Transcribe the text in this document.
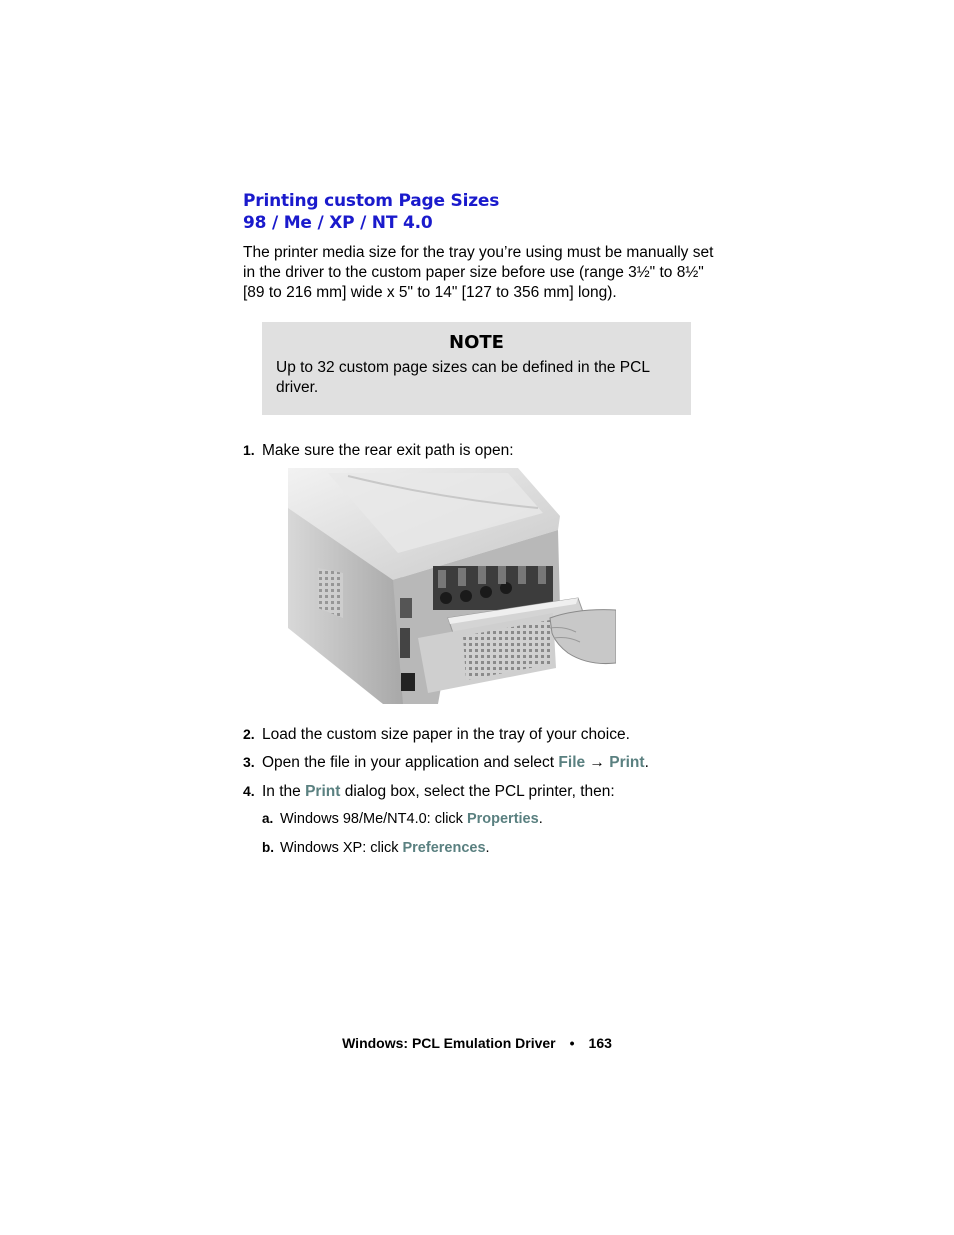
Printing custom Page Sizes
98 / Me / XP / NT 4.0
The printer media size for the tray you’re using must be manually set
in the driver to the custom paper size before use (range 3½" to 8½"
[89 to 216 mm] wide x 5" to 14" [127 to 356 mm] long).
NOTE
Up to 32 custom page sizes can be defined in the PCL
driver.
1. Make sure the rear exit path is open:
2. Load the custom size paper in the tray of your choice.
3. Open the file in your application and select File → Print.
4. In the Print dialog box, select the PCL printer, then:
a. Windows 98/Me/NT4.0: click Properties.
b. Windows XP: click Preferences.
Windows: PCL Emulation Driver • 163
